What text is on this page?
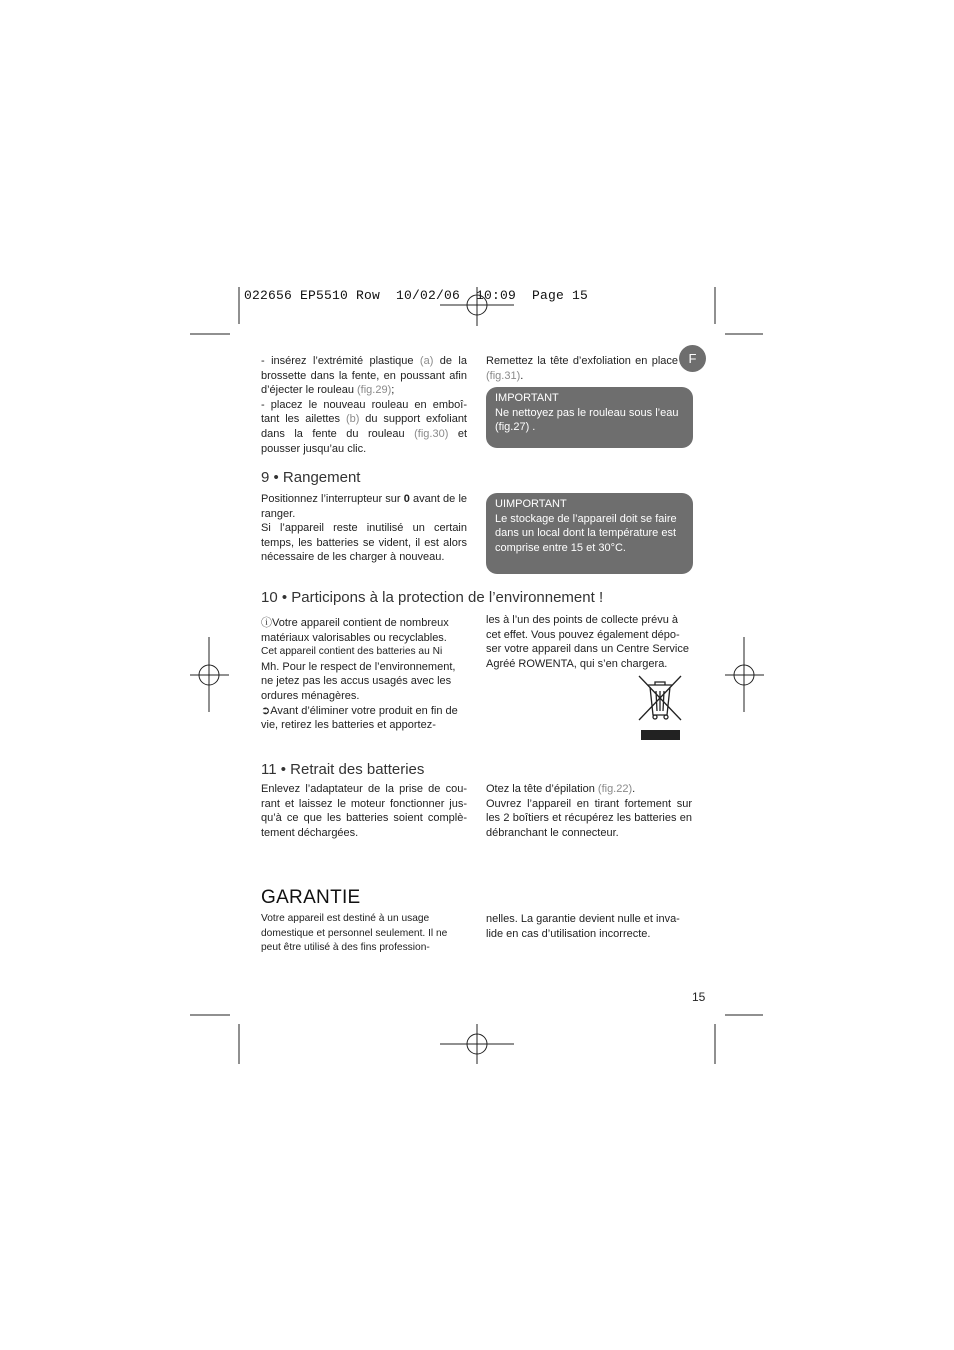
022656 EP5510 Row  10/02/06  10:09  Page 15
F
- insérez l’extrémité plastique (a) de la brossette dans la fente, en poussant afin d’éjecter le rouleau (fig.29);
- placez le nouveau rouleau en emboî-tant les ailettes (b) du support exfoliant dans la fente du rouleau (fig.30) et pousser jusqu’au clic.
Remettez la tête d’exfoliation en place (fig.31).
IMPORTANT
Ne nettoyez pas le rouleau sous l’eau (fig.27) .
9 • Rangement
Positionnez l’interrupteur sur 0 avant de le ranger.
Si l’appareil reste inutilisé un certain temps, les batteries se vident, il est alors nécessaire de les charger à nouveau.
UIMPORTANT
Le stockage de l’appareil doit se faire dans un local dont la température est comprise entre 15 et 30°C.
10 • Participons à la protection de l’environnement !
ⓘVotre appareil contient de nombreux matériaux valorisables ou recyclables.
Cet appareil contient des batteries au Ni
Mh. Pour le respect de l’environnement, ne jetez pas les accus usagés avec les ordures ménagères.
➲Avant d’éliminer votre produit en fin de vie, retirez les batteries et apportez-
les à l’un des points de collecte prévu à cet effet. Vous pouvez également dépo-ser votre appareil dans un Centre Service Agréé ROWENTA, qui s’en chargera.
11 • Retrait des batteries
Enlevez l’adaptateur de la prise de cou-rant et laissez le moteur fonctionner jus-qu’à ce que les batteries soient complè-tement déchargées.
Otez la tête d’épilation (fig.22).
Ouvrez l’appareil en tirant fortement sur les 2 boîtiers et récupérez les batteries en débranchant le connecteur.
GARANTIE
Votre appareil est destiné à un usage domestique et personnel seulement. Il ne peut être utilisé à des fins profession-
nelles. La garantie devient nulle et inva-lide en cas d’utilisation incorrecte.
15
